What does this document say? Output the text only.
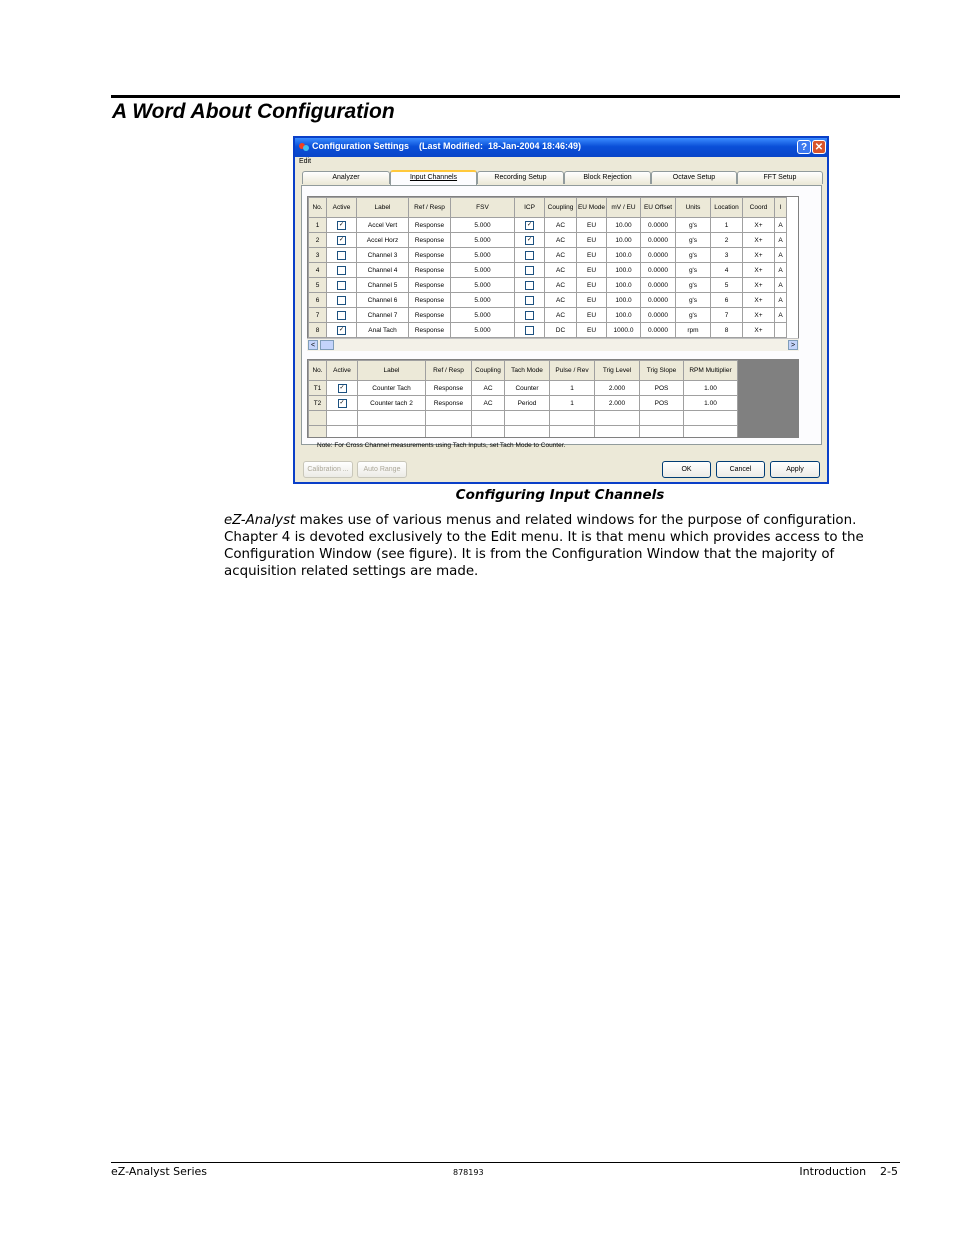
A Word About Configuration
Configuration Settings    (Last Modified:  18-Jan-2004 18:46:49)	? ✕
Edit
Analyzer	Input Channels	Recording Setup	Block Rejection	Octave Setup	FFT Setup
No.	Active	Label	Ref / Resp	FSV	ICP	Coupling	EU Mode	mV / EU	EU Offset	Units	Location	Coord	I
1	✓	Accel Vert	Response	5.000	✓	AC	EU	10.00	0.0000	g's	1	X+	A
2	✓	Accel Horz	Response	5.000	✓	AC	EU	10.00	0.0000	g's	2	X+	A
3		Channel 3	Response	5.000		AC	EU	100.0	0.0000	g's	3	X+	A
4		Channel 4	Response	5.000		AC	EU	100.0	0.0000	g's	4	X+	A
5		Channel 5	Response	5.000		AC	EU	100.0	0.0000	g's	5	X+	A
6		Channel 6	Response	5.000		AC	EU	100.0	0.0000	g's	6	X+	A
7		Channel 7	Response	5.000		AC	EU	100.0	0.0000	g's	7	X+	A
8	✓	Anal Tach	Response	5.000		DC	EU	1000.0	0.0000	rpm	8	X+	
<	>
No.	Active	Label	Ref / Resp	Coupling	Tach Mode	Pulse / Rev	Trig Level	Trig Slope	RPM Multiplier
T1	✓	Counter Tach	Response	AC	Counter	1	2.000	POS	1.00
T2	✓	Counter tach 2	Response	AC	Period	1	2.000	POS	1.00

Note: For Cross Channel measurements using Tach Inputs, set Tach Mode to Counter.
Calibration ...	Auto Range	OK	Cancel	Apply
Configuring Input Channels

eZ-Analyst makes use of various menus and related windows for the purpose of configuration. Chapter 4 is devoted exclusively to the Edit menu. It is that menu which provides access to the Configuration Window (see figure). It is from the Configuration Window that the majority of acquisition related settings are made.

eZ-Analyst Series	878193	Introduction    2-5
